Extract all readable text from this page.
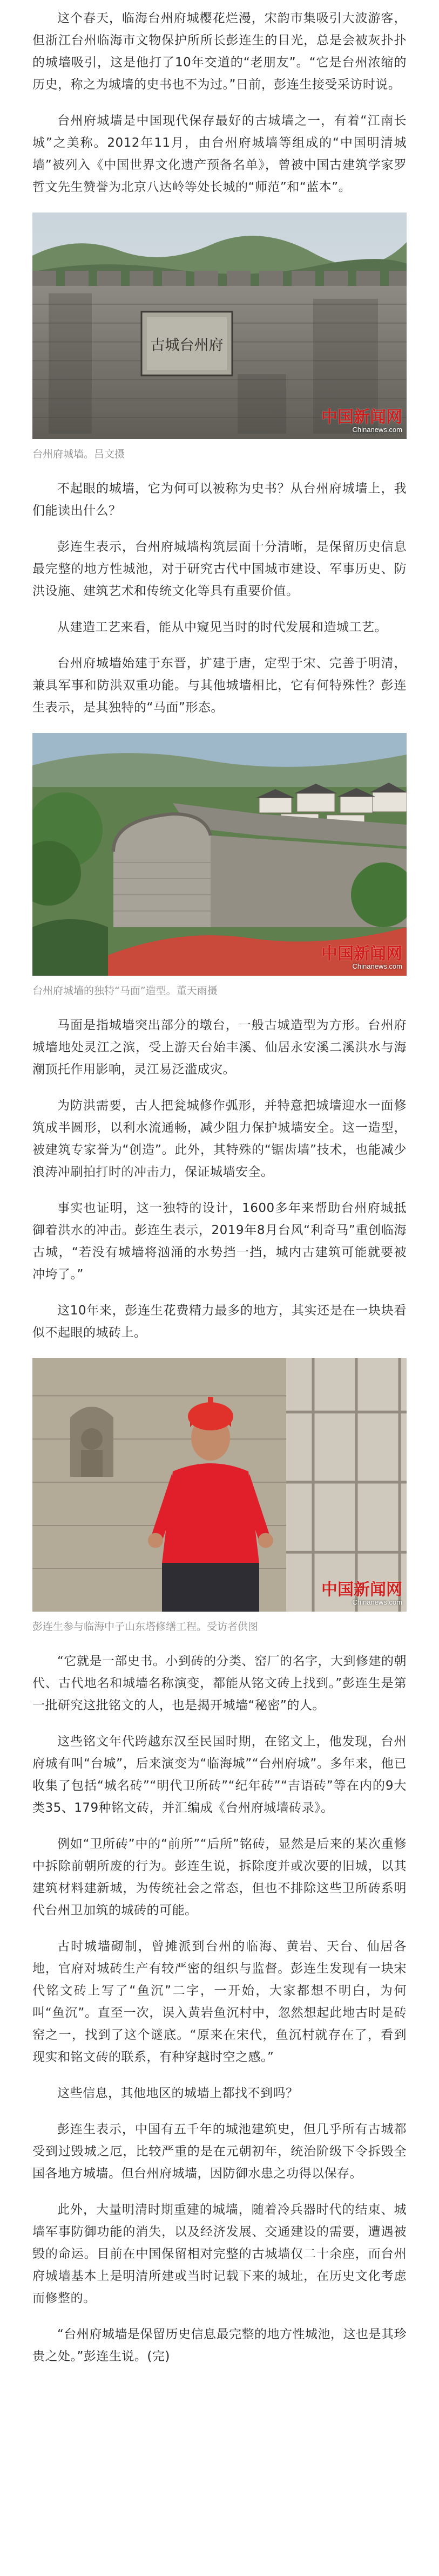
这个春天，临海台州府城樱花烂漫，宋韵市集吸引大波游客，但浙江台州临海市文物保护所所长彭连生的目光，总是会被灰扑扑的城墙吸引，这是他打了10年交道的“老朋友”。“它是台州浓缩的历史，称之为城墙的史书也不为过。”日前，彭连生接受采访时说。

台州府城墙是中国现代保存最好的古城墙之一，有着“江南长城”之美称。2012年11月，由台州府城墙等组成的“中国明清城墙”被列入《中国世界文化遗产预备名单》，曾被中国古建筑学家罗哲文先生赞誉为北京八达岭等处长城的“师范”和“蓝本”。

古城台州府
中国新闻网
Chinanews.com
台州府城墙。吕文摄

不起眼的城墙，它为何可以被称为史书？从台州府城墙上，我们能读出什么？

彭连生表示，台州府城墙构筑层面十分清晰，是保留历史信息最完整的地方性城池，对于研究古代中国城市建设、军事历史、防洪设施、建筑艺术和传统文化等具有重要价值。

从建造工艺来看，能从中窥见当时的时代发展和造城工艺。

台州府城墙始建于东晋，扩建于唐，定型于宋、完善于明清，兼具军事和防洪双重功能。与其他城墙相比，它有何特殊性？彭连生表示，是其独特的“马面”形态。

中国新闻网
Chinanews.com
台州府城墙的独特“马面”造型。董天雨摄

马面是指城墙突出部分的墩台，一般古城造型为方形。台州府城墙地处灵江之滨，受上游天台始丰溪、仙居永安溪二溪洪水与海潮顶托作用影响，灵江易泛滥成灾。

为防洪需要，古人把瓮城修作弧形，并特意把城墙迎水一面修筑成半圆形，以利水流通畅，减少阻力保护城墙安全。这一造型，被建筑专家誉为“创造”。此外，其特殊的“锯齿墙”技术，也能减少浪涛冲刷拍打时的冲击力，保证城墙安全。

事实也证明，这一独特的设计，1600多年来帮助台州府城抵御着洪水的冲击。彭连生表示，2019年8月台风“利奇马”重创临海古城，“若没有城墙将汹涌的水势挡一挡，城内古建筑可能就要被冲垮了。”

这10年来，彭连生花费精力最多的地方，其实还是在一块块看似不起眼的城砖上。

中国新闻网
Chinanews.com
彭连生参与临海中子山东塔修缮工程。受访者供图

“它就是一部史书。小到砖的分类、窑厂的名字，大到修建的朝代、古代地名和城墙名称演变，都能从铭文砖上找到。”彭连生是第一批研究这批铭文的人，也是揭开城墙“秘密”的人。

这些铭文年代跨越东汉至民国时期，在铭文上，他发现，台州府城有叫“台城”，后来演变为“临海城”“台州府城”。多年来，他已收集了包括“城名砖”“明代卫所砖”“纪年砖”“吉语砖”等在内的9大类35、179种铭文砖，并汇编成《台州府城墙砖录》。

例如“卫所砖”中的“前所”“后所”铭砖，显然是后来的某次重修中拆除前朝所废的行为。彭连生说，拆除度并或次要的旧城，以其建筑材料建新城，为传统社会之常态，但也不排除这些卫所砖系明代台州卫加筑的城砖的可能。

古时城墙砌制，曾摊派到台州的临海、黄岩、天台、仙居各地，官府对城砖生产有较严密的组织与监督。彭连生发现有一块宋代铭文砖上写了“鱼沉”二字，一开始，大家都想不明白，为何叫“鱼沉”。直至一次，误入黄岩鱼沉村中，忽然想起此地古时是砖窑之一，找到了这个谜底。“原来在宋代，鱼沉村就存在了，看到现实和铭文砖的联系，有种穿越时空之感。”

这些信息，其他地区的城墙上都找不到吗？

彭连生表示，中国有五千年的城池建筑史，但几乎所有古城都受到过毁城之厄，比较严重的是在元朝初年，统治阶级下令拆毁全国各地方城墙。但台州府城墙，因防御水患之功得以保存。

此外，大量明清时期重建的城墙，随着冷兵器时代的结束、城墙军事防御功能的消失，以及经济发展、交通建设的需要，遭遇被毁的命运。目前在中国保留相对完整的古城墙仅二十余座，而台州府城墙基本上是明清所建或当时记载下来的城址，在历史文化考虑而修整的。

“台州府城墙是保留历史信息最完整的地方性城池，这也是其珍贵之处。”彭连生说。(完)
